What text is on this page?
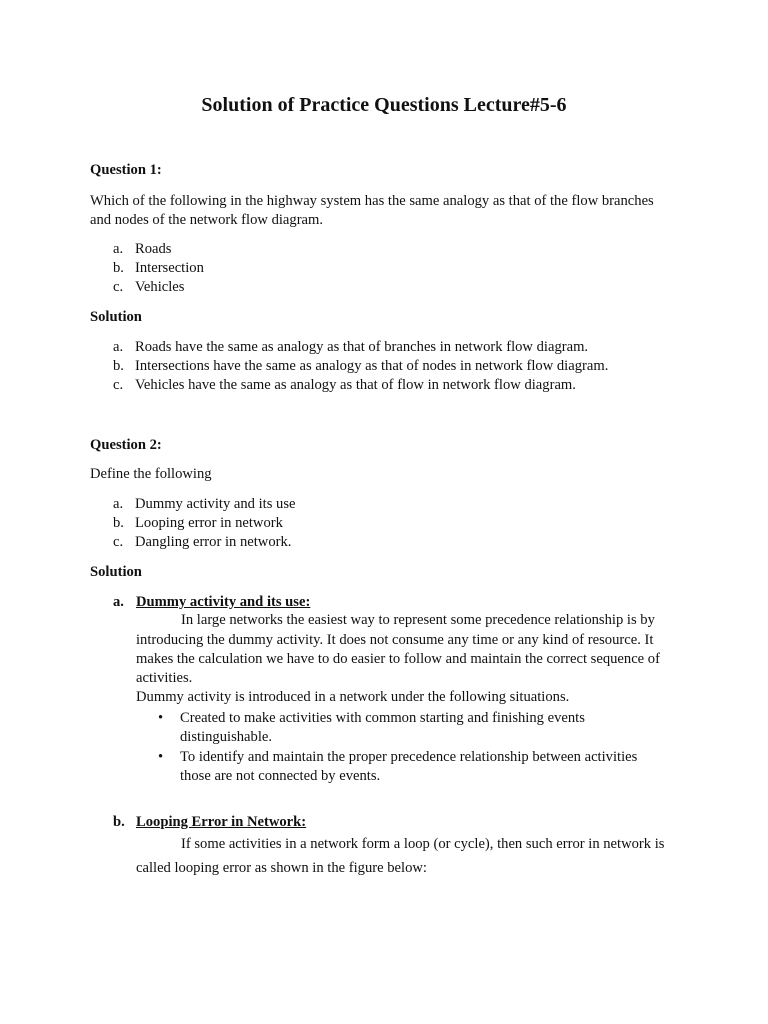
Solution of Practice Questions Lecture#5-6
Question 1:
Which of the following in the highway system has the same analogy as that of the flow branches
and nodes of the network flow diagram.
a. Roads
b. Intersection
c. Vehicles
Solution
a. Roads have the same as analogy as that of branches in network flow diagram.
b. Intersections have the same as analogy as that of nodes in network flow diagram.
c. Vehicles have the same as analogy as that of flow in network flow diagram.
Question 2:
Define the following
a. Dummy activity and its use
b. Looping error in network
c. Dangling error in network.
Solution
a. Dummy activity and its use:
In large networks the easiest way to represent some precedence relationship is by
introducing the dummy activity. It does not consume any time or any kind of resource. It
makes the calculation we have to do easier to follow and maintain the correct sequence of
activities.
Dummy activity is introduced in a network under the following situations.
• Created to make activities with common starting and finishing events
distinguishable.
• To identify and maintain the proper precedence relationship between activities
those are not connected by events.
b. Looping Error in Network:
If some activities in a network form a loop (or cycle), then such error in network is
called looping error as shown in the figure below:
